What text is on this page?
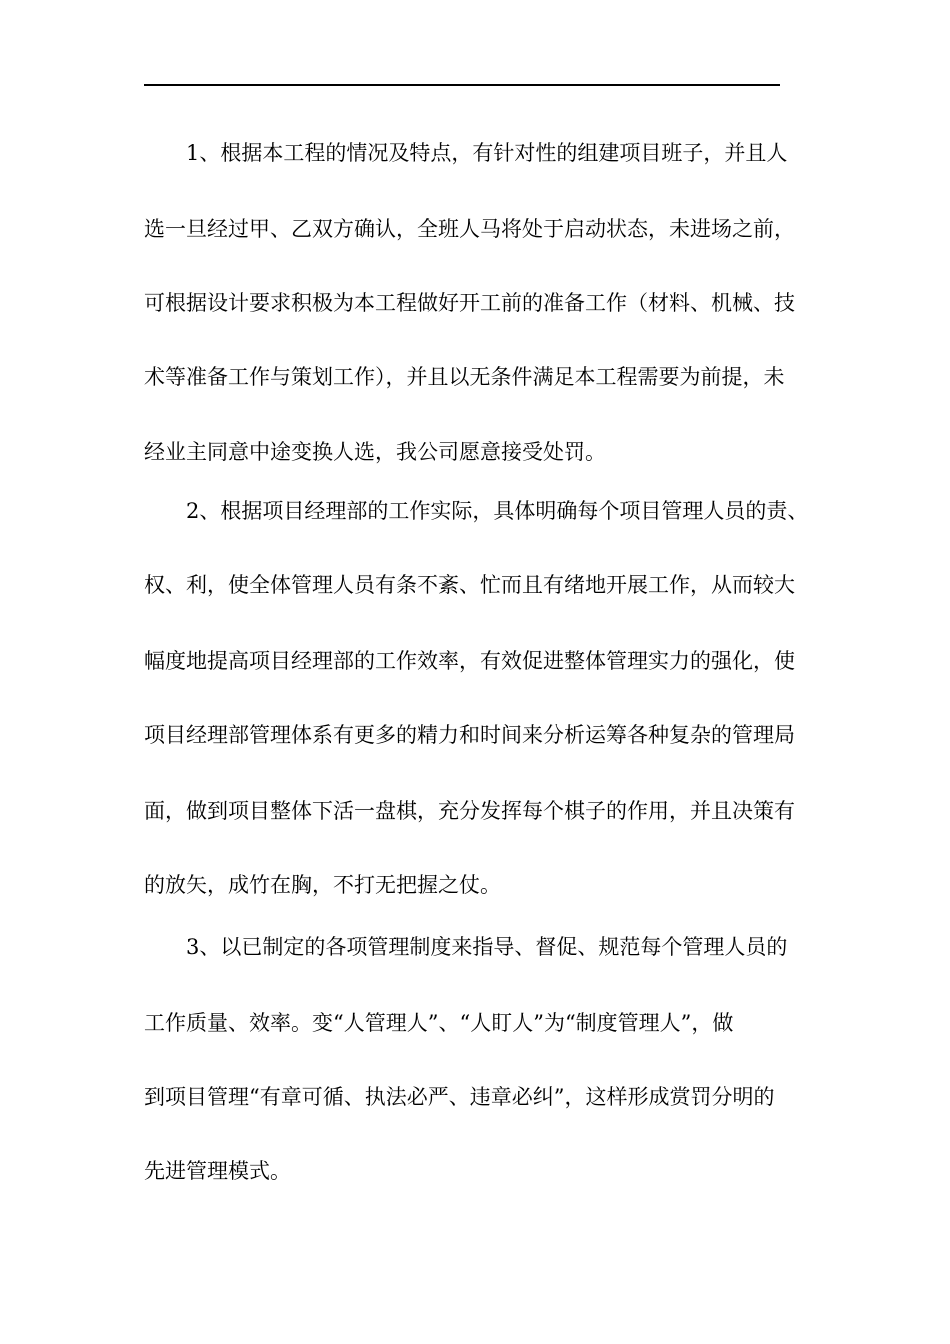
1、根据本工程的情况及特点，有针对性的组建项目班子，并且人

选一旦经过甲、乙双方确认，全班人马将处于启动状态，未进场之前，

可根据设计要求积极为本工程做好开工前的准备工作（材料、机械、技

术等准备工作与策划工作），并且以无条件满足本工程需要为前提，未

经业主同意中途变换人选，我公司愿意接受处罚。

2、根据项目经理部的工作实际，具体明确每个项目管理人员的责、

权、利，使全体管理人员有条不紊、忙而且有绪地开展工作，从而较大

幅度地提高项目经理部的工作效率，有效促进整体管理实力的强化，使

项目经理部管理体系有更多的精力和时间来分析运筹各种复杂的管理局

面，做到项目整体下活一盘棋，充分发挥每个棋子的作用，并且决策有

的放矢，成竹在胸，不打无把握之仗。

3、以已制定的各项管理制度来指导、督促、规范每个管理人员的

工作质量、效率。变“人管理人”、“人盯人”为“制度管理人”，做

到项目管理“有章可循、执法必严、违章必纠”，这样形成赏罚分明的

先进管理模式。
